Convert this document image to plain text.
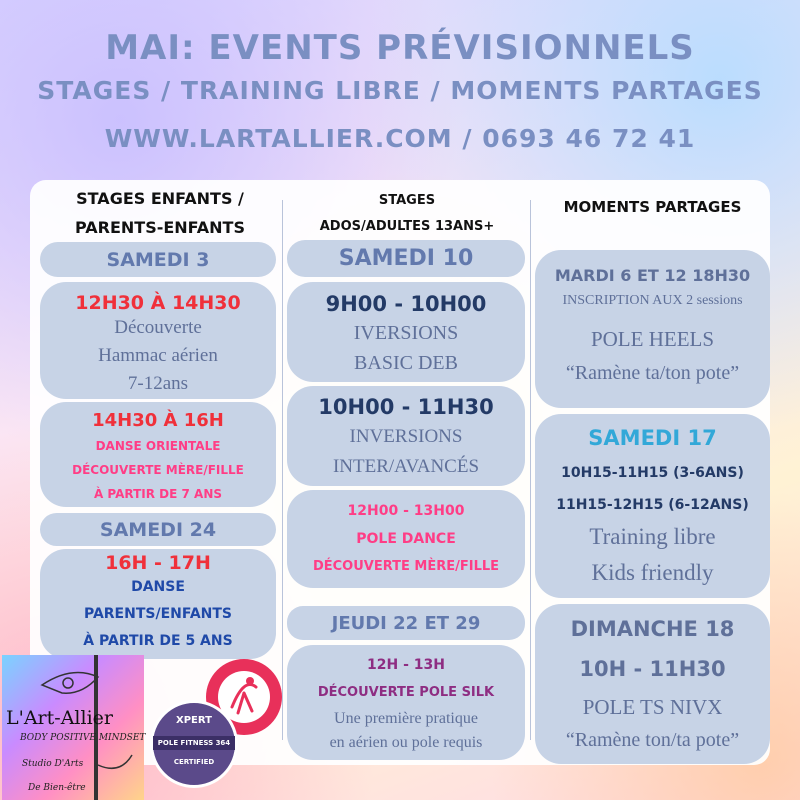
MAI: EVENTS PRÉVISIONNELS
STAGES / TRAINING LIBRE / MOMENTS PARTAGES
WWW.LARTALLIER.COM / 0693 46 72 41
STAGES ENFANTS /
PARENTS-ENFANTS
SAMEDI 3
12H30 À 14H30
Découverte
Hammac aérien
7-12ans
14H30 À 16H
DANSE ORIENTALE
DÉCOUVERTE MÈRE/FILLE
À PARTIR DE 7 ANS
SAMEDI 24
16H - 17H
DANSE
PARENTS/ENFANTS
À PARTIR DE 5 ANS
STAGES
ADOS/ADULTES 13ANS+
SAMEDI 10
9H00 - 10H00
IVERSIONS
BASIC DEB
10H00 - 11H30
INVERSIONS
INTER/AVANCÉS
12H00 - 13H00
POLE DANCE
DÉCOUVERTE MÈRE/FILLE
JEUDI 22 ET 29
12H - 13H
DÉCOUVERTE POLE SILK
Une première pratique
en aérien ou pole requis
MOMENTS PARTAGES
MARDI 6 ET 12 18H30
INSCRIPTION AUX 2 sessions
POLE HEELS
“Ramène ta/ton pote”
SAMEDI 17
10H15-11H15 (3-6ANS)
11H15-12H15 (6-12ANS)
Training libre
Kids friendly
DIMANCHE 18
10H - 11H30
POLE TS NIVX
“Ramène ton/ta pote”
L'Art-Allier
BODY POSITIVE MINDSET
Studio D'Arts
De Bien-être
XPERT
POLE FITNESS 364
CERTIFIED
